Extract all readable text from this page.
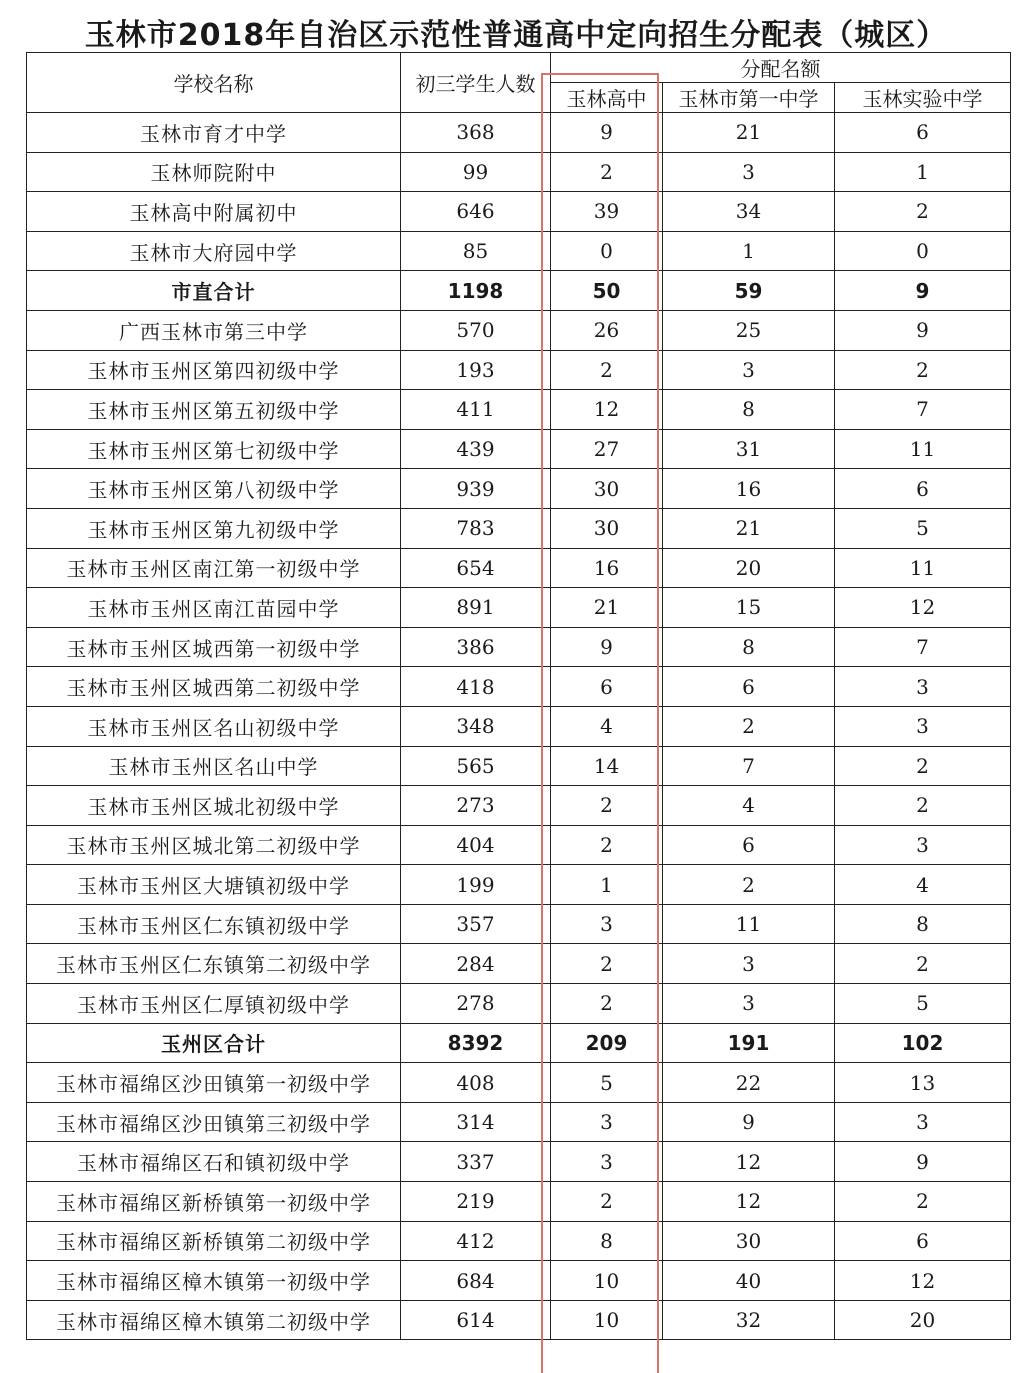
玉林市2018年自治区示范性普通高中定向招生分配表（城区）
学校名称	初三学生人数	分配名额		
		玉林高中	玉林市第一中学	玉林实验中学
玉林市育才中学	368	9	21	6
玉林师院附中	99	2	3	1
玉林高中附属初中	646	39	34	2
玉林市大府园中学	85	0	1	0
市直合计	1198	50	59	9
广西玉林市第三中学	570	26	25	9
玉林市玉州区第四初级中学	193	2	3	2
玉林市玉州区第五初级中学	411	12	8	7
玉林市玉州区第七初级中学	439	27	31	11
玉林市玉州区第八初级中学	939	30	16	6
玉林市玉州区第九初级中学	783	30	21	5
玉林市玉州区南江第一初级中学	654	16	20	11
玉林市玉州区南江苗园中学	891	21	15	12
玉林市玉州区城西第一初级中学	386	9	8	7
玉林市玉州区城西第二初级中学	418	6	6	3
玉林市玉州区名山初级中学	348	4	2	3
玉林市玉州区名山中学	565	14	7	2
玉林市玉州区城北初级中学	273	2	4	2
玉林市玉州区城北第二初级中学	404	2	6	3
玉林市玉州区大塘镇初级中学	199	1	2	4
玉林市玉州区仁东镇初级中学	357	3	11	8
玉林市玉州区仁东镇第二初级中学	284	2	3	2
玉林市玉州区仁厚镇初级中学	278	2	3	5
玉州区合计	8392	209	191	102
玉林市福绵区沙田镇第一初级中学	408	5	22	13
玉林市福绵区沙田镇第三初级中学	314	3	9	3
玉林市福绵区石和镇初级中学	337	3	12	9
玉林市福绵区新桥镇第一初级中学	219	2	12	2
玉林市福绵区新桥镇第二初级中学	412	8	30	6
玉林市福绵区樟木镇第一初级中学	684	10	40	12
玉林市福绵区樟木镇第二初级中学	614	10	32	20
